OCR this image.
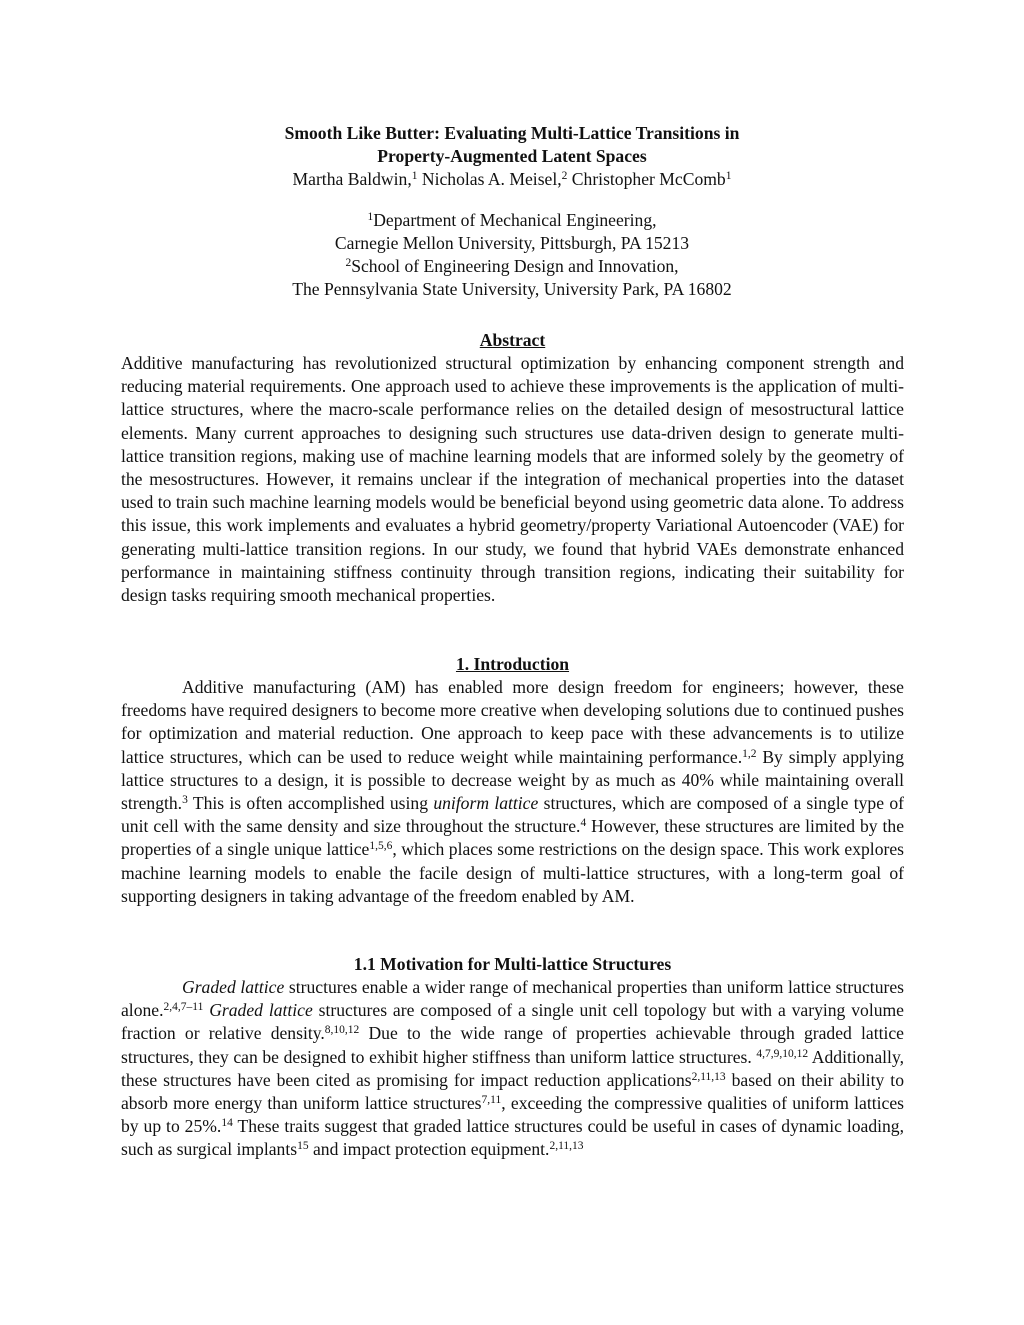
Smooth Like Butter: Evaluating Multi-Lattice Transitions in
Property-Augmented Latent Spaces

Martha Baldwin,$^1$ Nicholas A. Meisel,$^2$ Christopher McComb$^1$

$^1$Department of Mechanical Engineering,

Carnegie Mellon University, Pittsburgh, PA 15213

$^2$School of Engineering Design and Innovation,

The Pennsylvania State University, University Park, PA 16802

Abstract

Additive manufacturing has revolutionized structural optimization by enhancing component strength and reducing material requirements. One approach used to achieve these improvements is the application of multi-lattice structures, where the macro-scale performance relies on the detailed design of mesostructural lattice elements. Many current approaches to designing such structures use data-driven design to generate multi-lattice transition regions, making use of machine learning models that are informed solely by the geometry of the mesostructures. However, it remains unclear if the integration of mechanical properties into the dataset used to train such machine learning models would be beneficial beyond using geometric data alone. To address this issue, this work implements and evaluates a hybrid geometry/property Variational Autoencoder (VAE) for generating multi-lattice transition regions. In our study, we found that hybrid VAEs demonstrate enhanced performance in maintaining stiffness continuity through transition regions, indicating their suitability for design tasks requiring smooth mechanical properties.

1. Introduction

Additive manufacturing (AM) has enabled more design freedom for engineers; however, these freedoms have required designers to become more creative when developing solutions due to continued pushes for optimization and material reduction. One approach to keep pace with these advancements is to utilize lattice structures, which can be used to reduce weight while maintaining performance.$^{1,2}$ By simply applying lattice structures to a design, it is possible to decrease weight by as much as 40% while maintaining overall strength.$^3$ This is often accomplished using uniform lattice structures, which are composed of a single type of unit cell with the same density and size throughout the structure.$^4$ However, these structures are limited by the properties of a single unique lattice$^{1,5,6}$, which places some restrictions on the design space. This work explores machine learning models to enable the facile design of multi-lattice structures, with a long-term goal of supporting designers in taking advantage of the freedom enabled by AM.

1.1 Motivation for Multi-lattice Structures

Graded lattice structures enable a wider range of mechanical properties than uniform lattice structures alone.$^{2,4,7-11}$ Graded lattice structures are composed of a single unit cell topology but with a varying volume fraction or relative density.$^{8,10,12}$ Due to the wide range of properties achievable through graded lattice structures, they can be designed to exhibit higher stiffness than uniform lattice structures. $^{4,7,9,10,12}$ Additionally, these structures have been cited as promising for impact reduction applications$^{2,11,13}$ based on their ability to absorb more energy than uniform lattice structures$^{7,11}$, exceeding the compressive qualities of uniform lattices by up to 25%.$^{14}$ These traits suggest that graded lattice structures could be useful in cases of dynamic loading, such as surgical implants$^{15}$ and impact protection equipment.$^{2,11,13}$
